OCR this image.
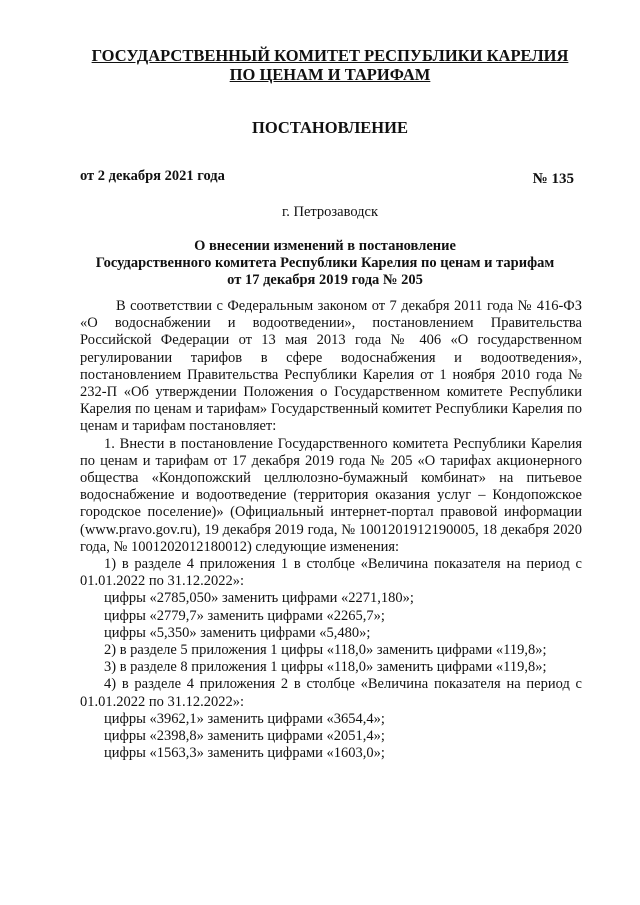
ГОСУДАРСТВЕННЫЙ КОМИТЕТ РЕСПУБЛИКИ КАРЕЛИЯ
ПО ЦЕНАМ И ТАРИФАМ
ПОСТАНОВЛЕНИЕ
от 2 декабря 2021 года	№ 135
г. Петрозаводск
О внесении изменений в постановление
Государственного комитета Республики Карелия по ценам и тарифам
от 17 декабря 2019 года № 205

В соответствии с Федеральным законом от 7 декабря 2011 года № 416-ФЗ «О водоснабжении и водоотведении», постановлением Правительства Российской Федерации от 13 мая 2013 года № 406 «О государственном регулировании тарифов в сфере водоснабжения и водоотведения», постановлением Правительства Республики Карелия от 1 ноября 2010 года № 232-П «Об утверждении Положения о Государственном комитете Республики Карелия по ценам и тарифам» Государственный комитет Республики Карелия по ценам и тарифам постановляет:

1. Внести в постановление Государственного комитета Республики Карелия по ценам и тарифам от 17 декабря 2019 года № 205 «О тарифах акционерного общества «Кондопожский целлюлозно-бумажный комбинат» на питьевое водоснабжение и водоотведение (территория оказания услуг – Кондопожское городское поселение)» (Официальный интернет-портал правовой информации (www.pravo.gov.ru), 19 декабря 2019 года, № 1001201912190005, 18 декабря 2020 года, № 1001202012180012) следующие изменения:

1) в разделе 4 приложения 1 в столбце «Величина показателя на период с 01.01.2022 по 31.12.2022»:

цифры «2785,050» заменить цифрами «2271,180»;

цифры «2779,7» заменить цифрами «2265,7»;

цифры «5,350» заменить цифрами «5,480»;

2) в разделе 5 приложения 1 цифры «118,0» заменить цифрами «119,8»;

3) в разделе 8 приложения 1 цифры «118,0» заменить цифрами «119,8»;

4) в разделе 4 приложения 2 в столбце «Величина показателя на период с 01.01.2022 по 31.12.2022»:

цифры «3962,1» заменить цифрами «3654,4»;

цифры «2398,8» заменить цифрами «2051,4»;

цифры «1563,3» заменить цифрами «1603,0»;
